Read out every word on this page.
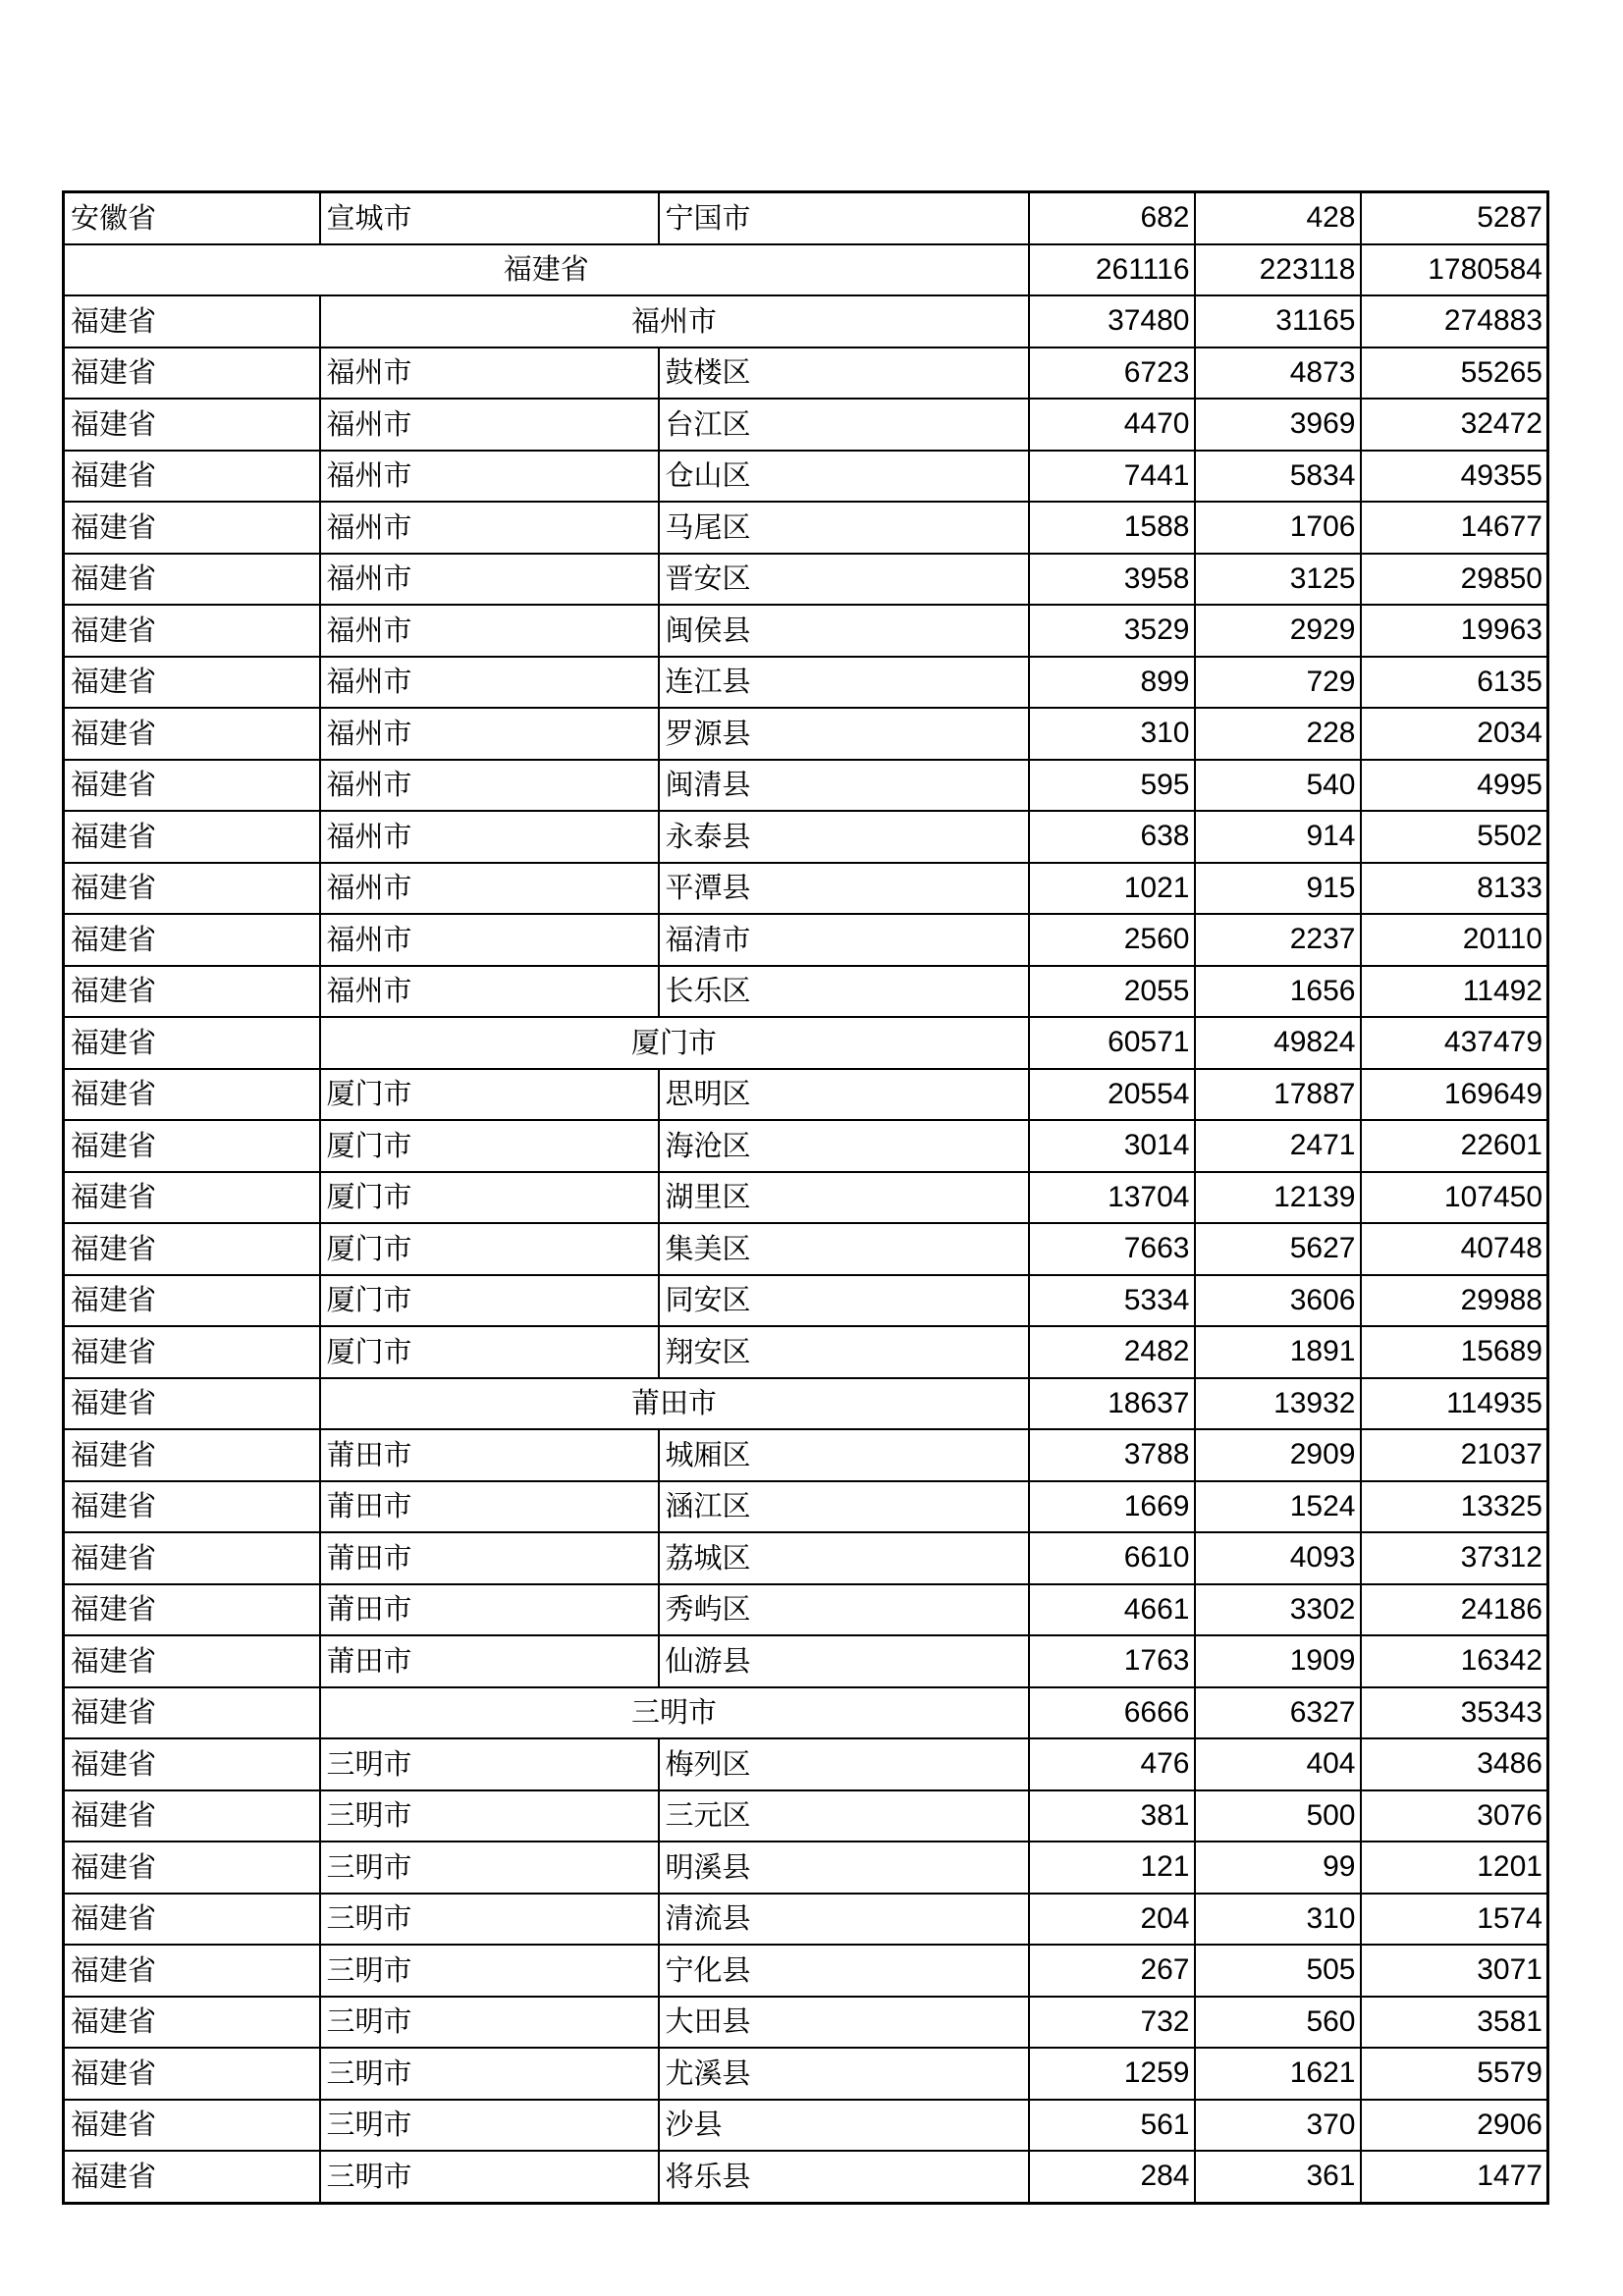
安徽省	宣城市	宁国市	682	428	5287
福建省			261116	223118	1780584
福建省	福州市		37480	31165	274883
福建省	福州市	鼓楼区	6723	4873	55265
福建省	福州市	台江区	4470	3969	32472
福建省	福州市	仓山区	7441	5834	49355
福建省	福州市	马尾区	1588	1706	14677
福建省	福州市	晋安区	3958	3125	29850
福建省	福州市	闽侯县	3529	2929	19963
福建省	福州市	连江县	899	729	6135
福建省	福州市	罗源县	310	228	2034
福建省	福州市	闽清县	595	540	4995
福建省	福州市	永泰县	638	914	5502
福建省	福州市	平潭县	1021	915	8133
福建省	福州市	福清市	2560	2237	20110
福建省	福州市	长乐区	2055	1656	11492
福建省	厦门市		60571	49824	437479
福建省	厦门市	思明区	20554	17887	169649
福建省	厦门市	海沧区	3014	2471	22601
福建省	厦门市	湖里区	13704	12139	107450
福建省	厦门市	集美区	7663	5627	40748
福建省	厦门市	同安区	5334	3606	29988
福建省	厦门市	翔安区	2482	1891	15689
福建省	莆田市		18637	13932	114935
福建省	莆田市	城厢区	3788	2909	21037
福建省	莆田市	涵江区	1669	1524	13325
福建省	莆田市	荔城区	6610	4093	37312
福建省	莆田市	秀屿区	4661	3302	24186
福建省	莆田市	仙游县	1763	1909	16342
福建省	三明市		6666	6327	35343
福建省	三明市	梅列区	476	404	3486
福建省	三明市	三元区	381	500	3076
福建省	三明市	明溪县	121	99	1201
福建省	三明市	清流县	204	310	1574
福建省	三明市	宁化县	267	505	3071
福建省	三明市	大田县	732	560	3581
福建省	三明市	尤溪县	1259	1621	5579
福建省	三明市	沙县	561	370	2906
福建省	三明市	将乐县	284	361	1477
